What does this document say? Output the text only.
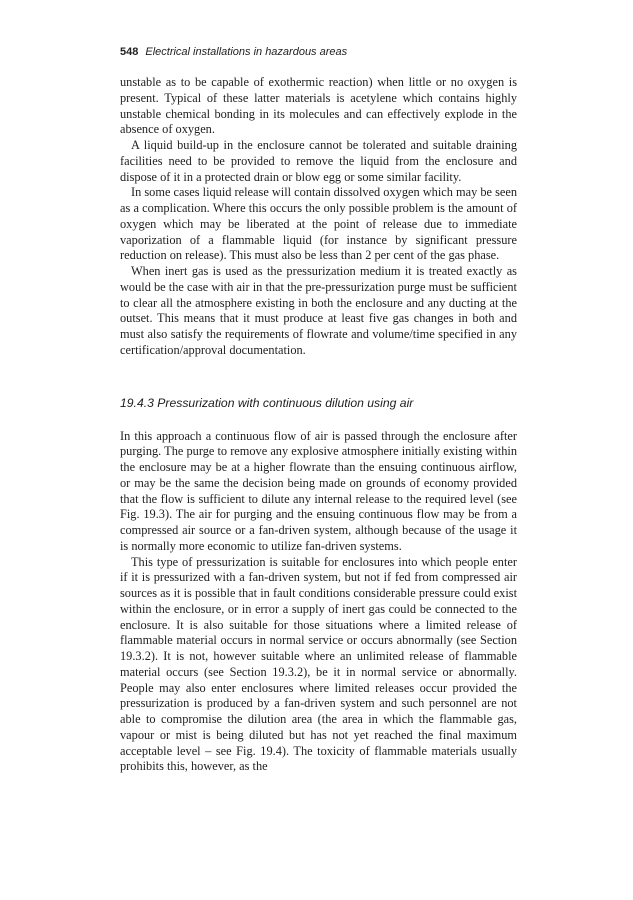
548 Electrical installations in hazardous areas

unstable as to be capable of exothermic reaction) when little or no oxygen is present. Typical of these latter materials is acetylene which contains highly unstable chemical bonding in its molecules and can effectively explode in the absence of oxygen.

A liquid build-up in the enclosure cannot be tolerated and suitable draining facilities need to be provided to remove the liquid from the enclosure and dispose of it in a protected drain or blow egg or some similar facility.

In some cases liquid release will contain dissolved oxygen which may be seen as a complication. Where this occurs the only possible problem is the amount of oxygen which may be liberated at the point of release due to immediate vaporization of a flammable liquid (for instance by significant pressure reduction on release). This must also be less than 2 per cent of the gas phase.

When inert gas is used as the pressurization medium it is treated exactly as would be the case with air in that the pre-pressurization purge must be sufficient to clear all the atmosphere existing in both the enclosure and any ducting at the outset. This means that it must produce at least five gas changes in both and must also satisfy the requirements of flowrate and volume/time specified in any certification/approval documentation.

19.4.3 Pressurization with continuous dilution using air

In this approach a continuous flow of air is passed through the enclosure after purging. The purge to remove any explosive atmosphere initially existing within the enclosure may be at a higher flowrate than the ensuing continuous airflow, or may be the same the decision being made on grounds of economy provided that the flow is sufficient to dilute any internal release to the required level (see Fig. 19.3). The air for purging and the ensuing continuous flow may be from a compressed air source or a fan-driven system, although because of the usage it is normally more economic to utilize fan-driven systems.

This type of pressurization is suitable for enclosures into which people enter if it is pressurized with a fan-driven system, but not if fed from compressed air sources as it is possible that in fault conditions considerable pressure could exist within the enclosure, or in error a supply of inert gas could be connected to the enclosure. It is also suitable for those situations where a limited release of flammable material occurs in normal service or occurs abnormally (see Section 19.3.2). It is not, however suitable where an unlimited release of flammable material occurs (see Section 19.3.2), be it in normal service or abnormally. People may also enter enclosures where limited releases occur provided the pressurization is produced by a fan-driven system and such personnel are not able to compromise the dilution area (the area in which the flammable gas, vapour or mist is being diluted but has not yet reached the final maximum acceptable level – see Fig. 19.4). The toxicity of flammable materials usually prohibits this, however, as the
